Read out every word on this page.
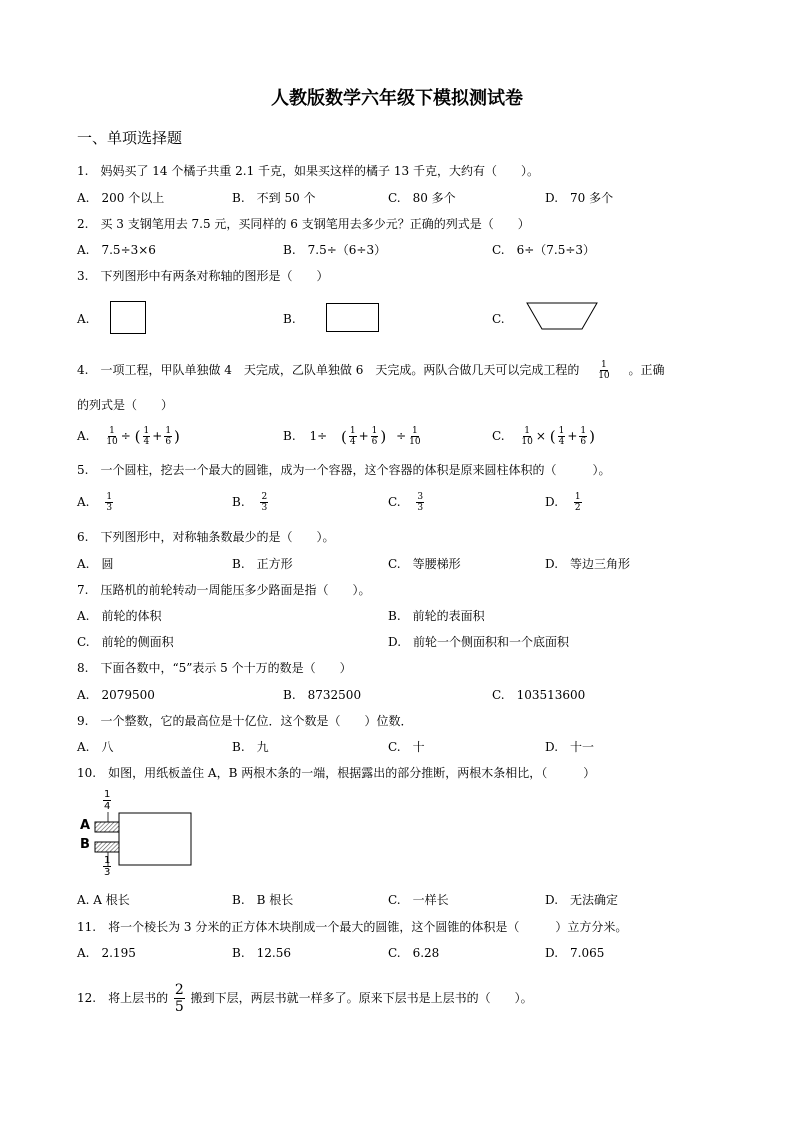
人教版数学六年级下模拟测试卷
一、单项选择题
1.　妈妈买了 14 个橘子共重 2.1 千克，如果买这样的橘子 13 千克，大约有（　　）。
A.　200 个以上	B.　不到 50 个	C.　80 多个	D.　70 多个
2.　买 3 支钢笔用去 7.5 元，买同样的 6 支钢笔用去多少元？正确的列式是（　　）
A.　7.5÷3×6	B.　7.5÷（6÷3）	C.　6÷（7.5÷3）
3.　下列图形中有两条对称轴的图形是（　　）
A.	B.	C.
4.　一项工程，甲队单独做 4　天完成，乙队单独做 6　天完成。两队合做几天可以完成工程的 $\frac{1}{10}$ 。正确
的列式是（　　）
A. $\frac{1}{10}$ ÷ ( $\frac{1}{4} + \frac{1}{6}$ )	B. 1÷ ( $\frac{1}{4} + \frac{1}{6}$ ) ÷ $\frac{1}{10}$	C. $\frac{1}{10}$ × ( $\frac{1}{4} + \frac{1}{6}$ )
5.　一个圆柱，挖去一个最大的圆锥，成为一个容器，这个容器的体积是原来圆柱体积的（　　　）。
A. $\frac{1}{3}$	B. $\frac{2}{3}$	C. $\frac{3}{3}$	D. $\frac{1}{2}$
6.　下列图形中，对称轴条数最少的是（　　）。
A.　圆	B.　正方形	C.　等腰梯形	D.　等边三角形
7.　压路机的前轮转动一周能压多少路面是指（　　）。
A.　前轮的体积	B.　前轮的表面积
C.　前轮的侧面积	D.　前轮一个侧面积和一个底面积
8.　下面各数中，“5”表示 5 个十万的数是（　　）
A.　2079500	B.　8732500	C.　103513600
9.　一个整数，它的最高位是十亿位．这个数是（　　）位数．
A.　八	B.　九	C.　十	D.　十一
10.　如图，用纸板盖住 A，B 两根木条的一端，根据露出的部分推断，两根木条相比，（　　　）
$\frac{1}{4}$
A
B
$\frac{1}{3}$
A. A 根长	B.　B 根长	C.　一样长	D.　无法确定
11.　将一个棱长为 3 分米的正方体木块削成一个最大的圆锥，这个圆锥的体积是（　　　）立方分米。
A.　2.195	B.　12.56	C.　6.28	D.　7.065
12.　将上层书的 $\frac{2}{5}$ 搬到下层，两层书就一样多了。原来下层书是上层书的（　　）。
